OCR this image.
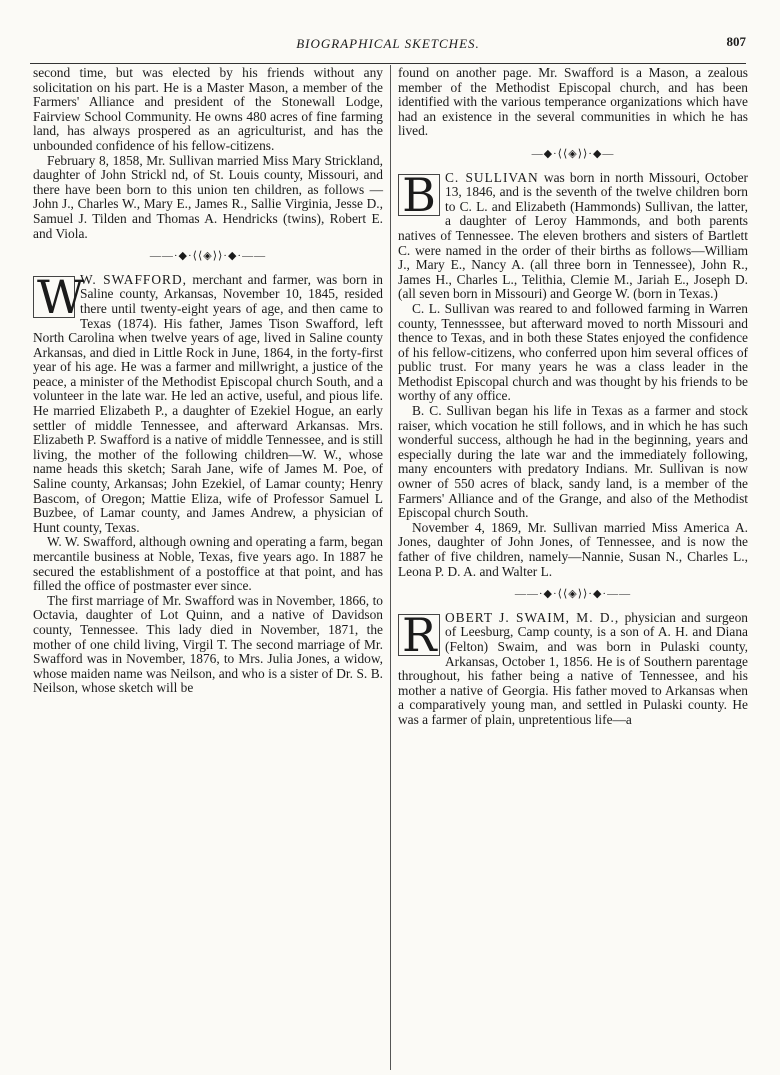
BIOGRAPHICAL SKETCHES.	807

second time, but was elected by his friends without any solicitation on his part. He is a Master Mason, a member of the Farmers' Alliance and president of the Stonewall Lodge, Fairview School Community. He owns 480 acres of fine farming land, has always prospered as an agriculturist, and has the unbounded confidence of his fellow-citizens.

February 8, 1858, Mr. Sullivan married Miss Mary Strickland, daughter of John Strickl nd, of St. Louis county, Missouri, and there have been born to this union ten children, as follows —John J., Charles W., Mary E., James R., Sallie Virginia, Jesse D., Samuel J. Tilden and Thomas A. Hendricks (twins), Robert E. and Viola.

——·◆·⟨⟨◈⟩⟩·◆·——
W

W. SWAFFORD, merchant and farmer, was born in Saline county, Arkansas, November 10, 1845, resided there until twenty-eight years of age, and then came to Texas (1874). His father, James Tison Swafford, left North Carolina when twelve years of age, lived in Saline county Arkansas, and died in Little Rock in June, 1864, in the forty-first year of his age. He was a farmer and millwright, a justice of the peace, a minister of the Methodist Episcopal church South, and a volunteer in the late war. He led an active, useful, and pious life. He married Elizabeth P., a daughter of Ezekiel Hogue, an early settler of middle Tennessee, and afterward Arkansas. Mrs. Elizabeth P. Swafford is a native of middle Tennessee, and is still living, the mother of the following children—W. W., whose name heads this sketch; Sarah Jane, wife of James M. Poe, of Saline county, Arkansas; John Ezekiel, of Lamar county; Henry Bascom, of Oregon; Mattie Eliza, wife of Professor Samuel L Buzbee, of Lamar county, and James Andrew, a physician of Hunt county, Texas.

W. W. Swafford, although owning and operating a farm, began mercantile business at Noble, Texas, five years ago. In 1887 he secured the establishment of a postoffice at that point, and has filled the office of postmaster ever since.

The first marriage of Mr. Swafford was in November, 1866, to Octavia, daughter of Lot Quinn, and a native of Davidson county, Tennessee. This lady died in November, 1871, the mother of one child living, Virgil T. The second marriage of Mr. Swafford was in November, 1876, to Mrs. Julia Jones, a widow, whose maiden name was Neilson, and who is a sister of Dr. S. B. Neilson, whose sketch will be

found on another page. Mr. Swafford is a Mason, a zealous member of the Methodist Episcopal church, and has been identified with the various temperance organizations which have had an existence in the several communities in which he has lived.

—◆·⟨⟨◈⟩⟩·◆—
B C. SULLIVAN was born in north Missouri, October 13, 1846, and is the seventh of the twelve children born to C. L. and Elizabeth (Hammonds) Sullivan, the latter, a daughter of Leroy Hammonds, and both parents natives of Tennessee. The eleven brothers and sisters of Bartlett C. were named in the order of their births as follows—William J., Mary E., Nancy A. (all three born in Tennessee), John R., James H., Charles L., Telithia, Clemie M., Jariah E., Joseph D. (all seven born in Missouri) and George W. (born in Texas.)

C. L. Sullivan was reared to and followed farming in Warren county, Tennesssee, but afterward moved to north Missouri and thence to Texas, and in both these States enjoyed the confidence of his fellow-citizens, who conferred upon him several offices of public trust. For many years he was a class leader in the Methodist Episcopal church and was thought by his friends to be worthy of any office.

B. C. Sullivan began his life in Texas as a farmer and stock raiser, which vocation he still follows, and in which he has such wonderful success, although he had in the beginning, years and especially during the late war and the immediately following, many encounters with predatory Indians. Mr. Sullivan is now owner of 550 acres of black, sandy land, is a member of the Farmers' Alliance and of the Grange, and also of the Methodist Episcopal church South.

November 4, 1869, Mr. Sullivan married Miss America A. Jones, daughter of John Jones, of Tennessee, and is now the father of five children, namely—Nannie, Susan N., Charles L., Leona P. D. A. and Walter L.

——·◆·⟨⟨◈⟩⟩·◆·——
R OBERT J. SWAIM, M. D., physician and surgeon of Leesburg, Camp county, is a son of A. H. and Diana (Felton) Swaim, and was born in Pulaski county, Arkansas, October 1, 1856. He is of Southern parentage throughout, his father being a native of Tennessee, and his mother a native of Georgia. His father moved to Arkansas when a comparatively young man, and settled in Pulaski county. He was a farmer of plain, unpretentious life—a
